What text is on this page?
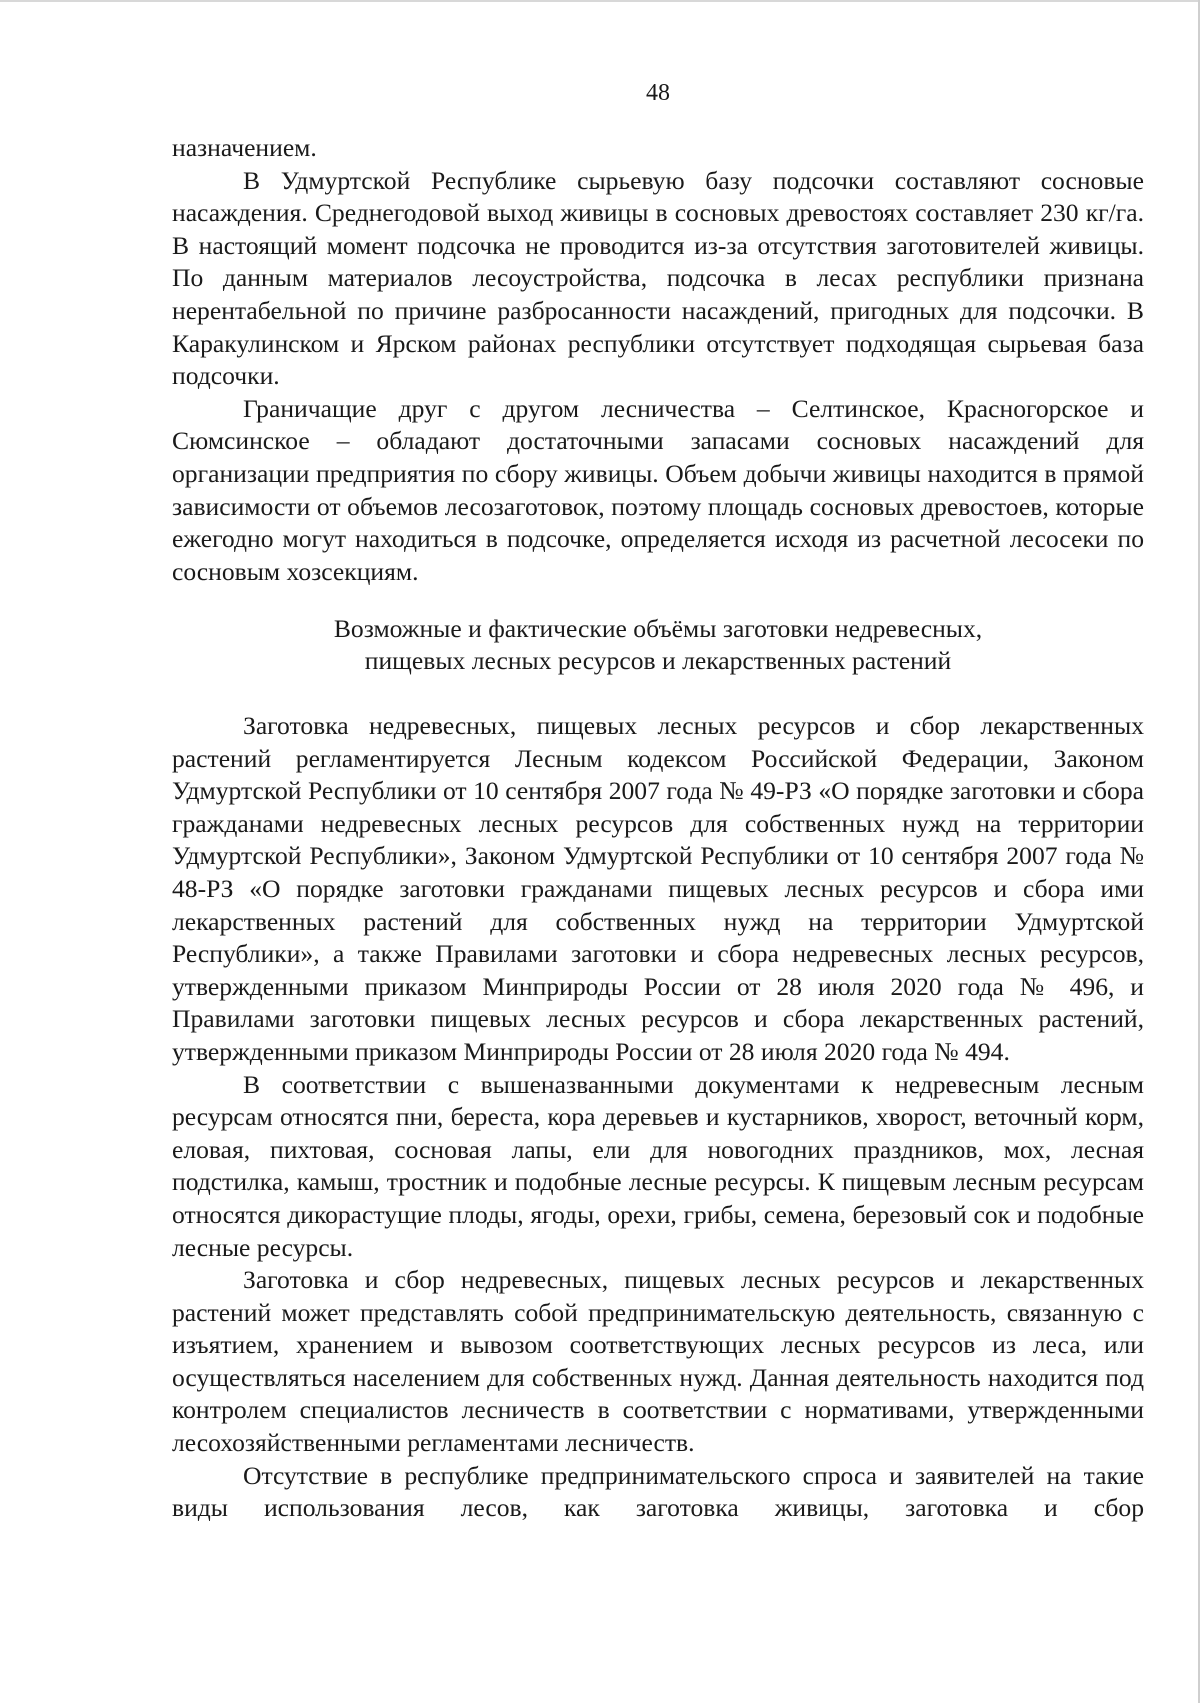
48

назначением.

В Удмуртской Республике сырьевую базу подсочки составляют сосновые насаждения. Среднегодовой выход живицы в сосновых древостоях составляет 230 кг/га. В настоящий момент подсочка не проводится из-за отсутствия заготовителей живицы. По данным материалов лесоустройства, подсочка в лесах республики признана нерентабельной по причине разбросанности насаждений, пригодных для подсочки. В Каракулинском и Ярском районах республики отсутствует подходящая сырьевая база подсочки.

Граничащие друг с другом лесничества – Селтинское, Красногорское и Сюмсинское – обладают достаточными запасами сосновых насаждений для организации предприятия по сбору живицы. Объем добычи живицы находится в прямой зависимости от объемов лесозаготовок, поэтому площадь сосновых древостоев, которые ежегодно могут находиться в подсочке, определяется исходя из расчетной лесосеки по сосновым хозсекциям.

Возможные и фактические объёмы заготовки недревесных,
пищевых лесных ресурсов и лекарственных растений

Заготовка недревесных, пищевых лесных ресурсов и сбор лекарственных растений регламентируется Лесным кодексом Российской Федерации, Законом Удмуртской Республики от 10 сентября 2007 года № 49-РЗ «О порядке заготовки и сбора гражданами недревесных лесных ресурсов для собственных нужд на территории Удмуртской Республики», Законом Удмуртской Республики от 10 сентября 2007 года № 48-РЗ «О порядке заготовки гражданами пищевых лесных ресурсов и сбора ими лекарственных растений для собственных нужд на территории Удмуртской Республики», а также Правилами заготовки и сбора недревесных лесных ресурсов, утвержденными приказом Минприроды России от 28 июля 2020 года № 496, и Правилами заготовки пищевых лесных ресурсов и сбора лекарственных растений, утвержденными приказом Минприроды России от 28 июля 2020 года № 494.

В соответствии с вышеназванными документами к недревесным лесным ресурсам относятся пни, береста, кора деревьев и кустарников, хворост, веточный корм, еловая, пихтовая, сосновая лапы, ели для новогодних праздников, мох, лесная подстилка, камыш, тростник и подобные лесные ресурсы. К пищевым лесным ресурсам относятся дикорастущие плоды, ягоды, орехи, грибы, семена, березовый сок и подобные лесные ресурсы.

Заготовка и сбор недревесных, пищевых лесных ресурсов и лекарственных растений может представлять собой предпринимательскую деятельность, связанную с изъятием, хранением и вывозом соответствующих лесных ресурсов из леса, или осуществляться населением для собственных нужд. Данная деятельность находится под контролем специалистов лесничеств в соответствии с нормативами, утвержденными лесохозяйственными регламентами лесничеств.

Отсутствие в республике предпринимательского спроса и заявителей на такие виды использования лесов, как заготовка живицы, заготовка и сбор
